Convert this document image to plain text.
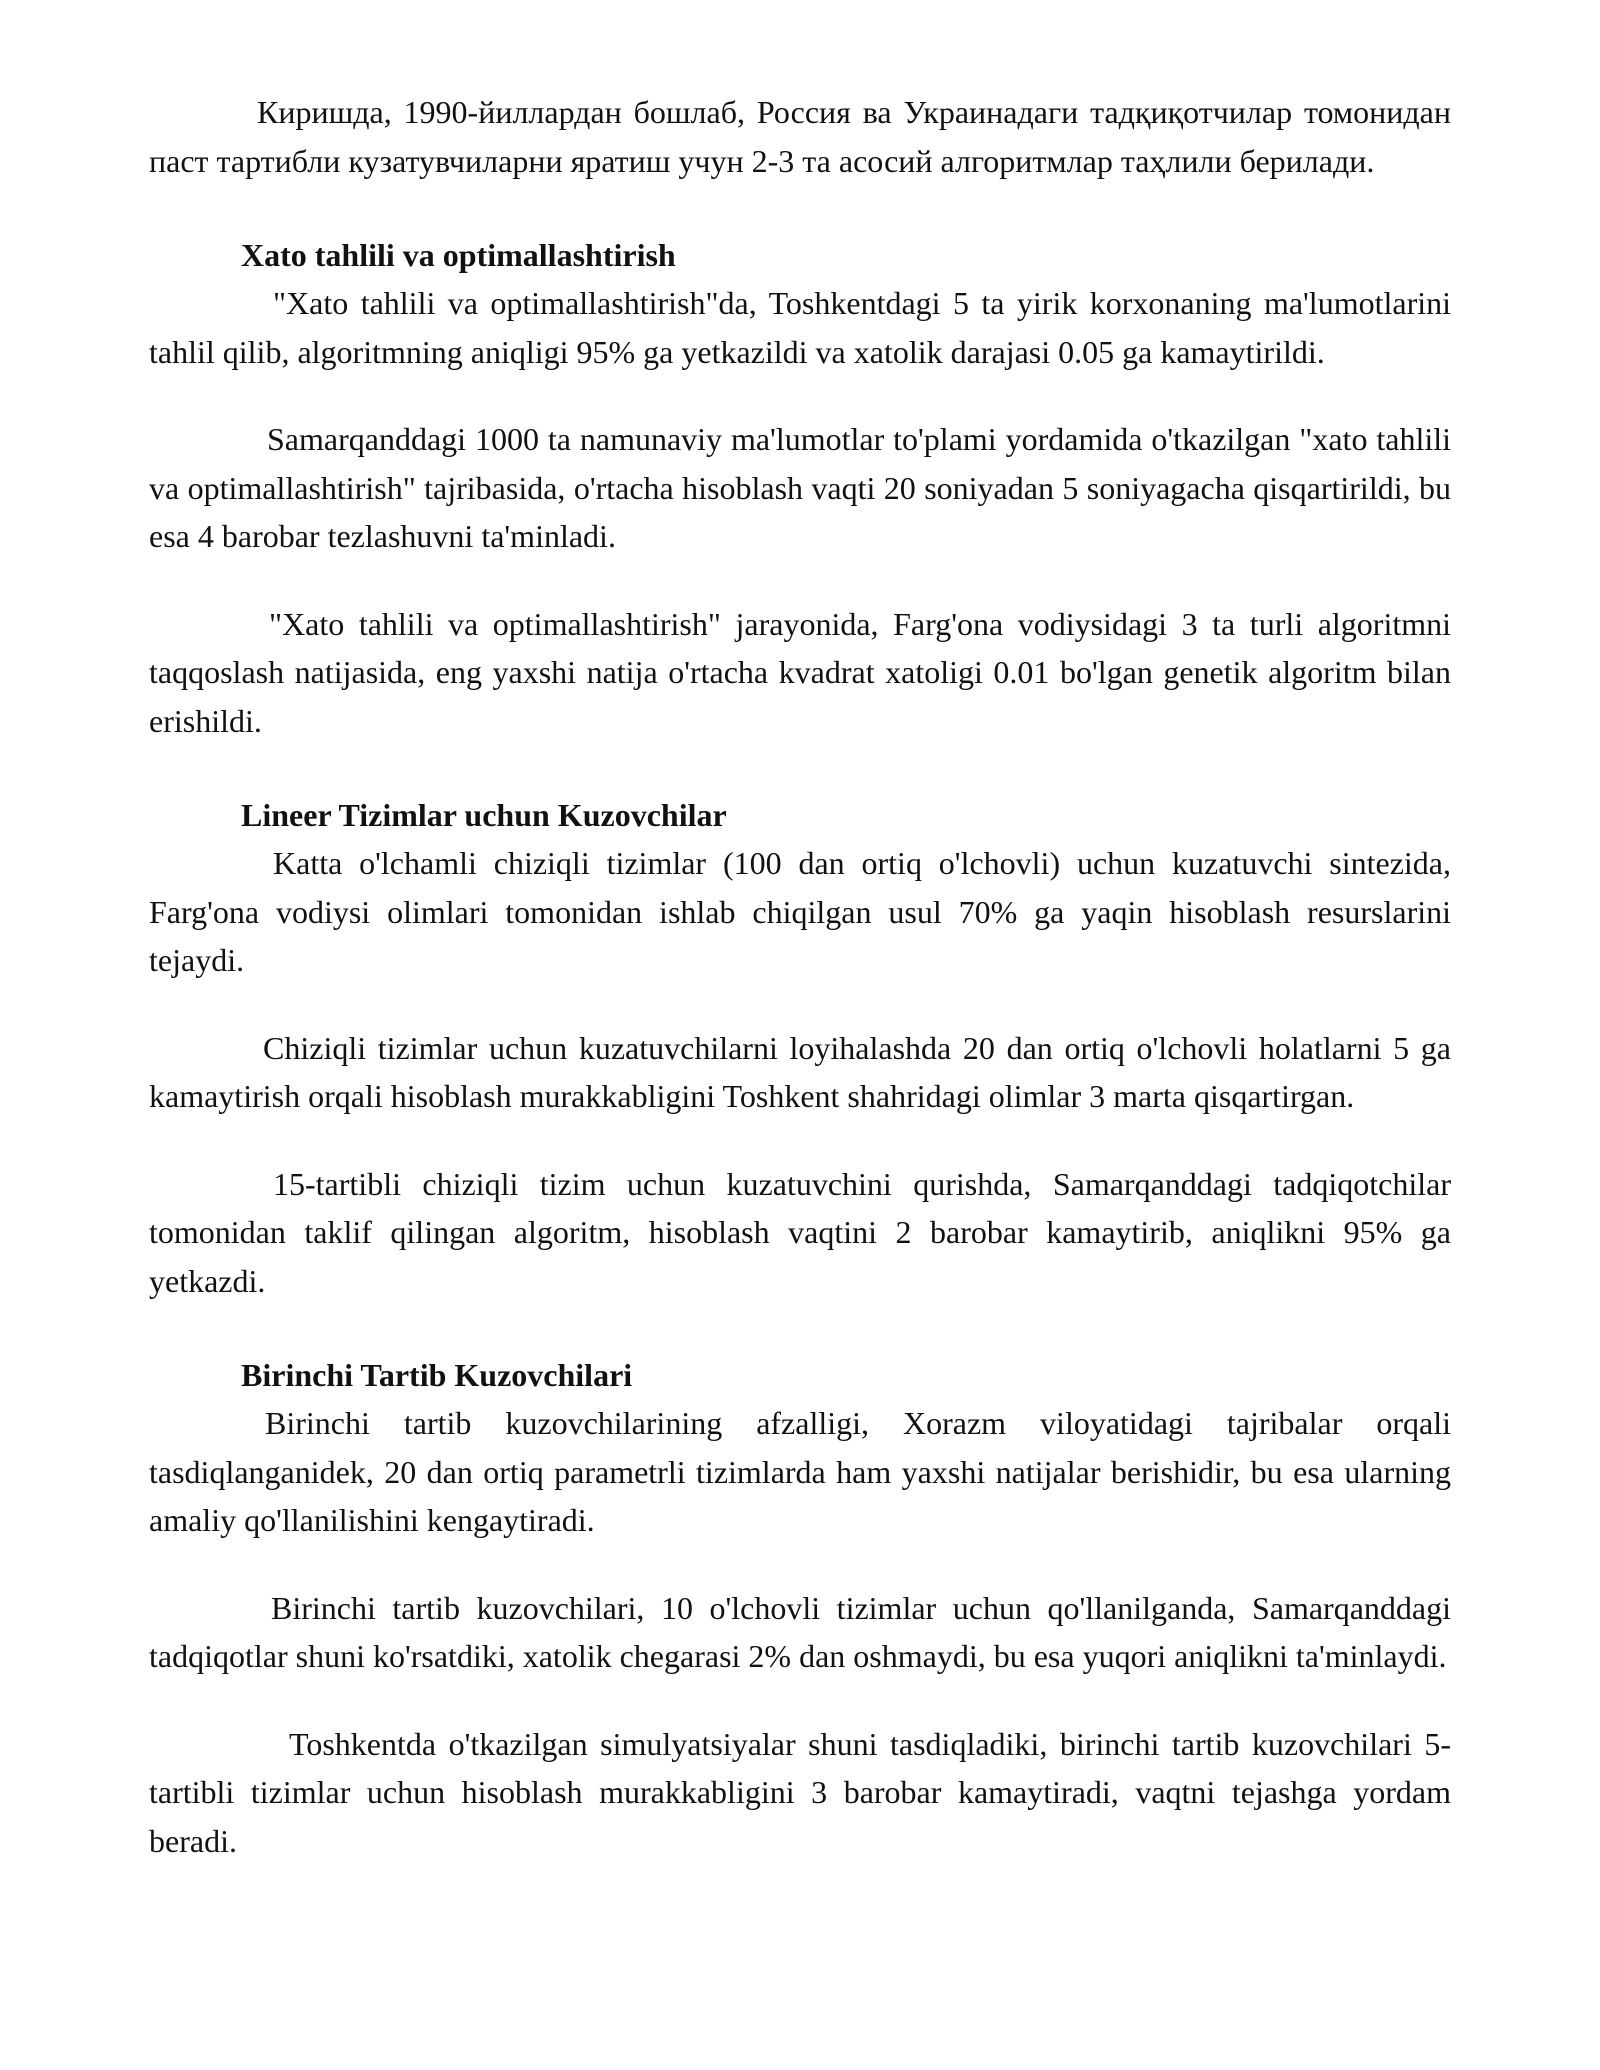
Киришда, 1990-йиллардан бошлаб, Россия ва Украинадаги тадқиқотчилар томонидан паст тартибли кузатувчиларни яратиш учун 2-3 та асосий алгоритмлар таҳлили берилади.

Xato tahlili va optimallashtirish

"Xato tahlili va optimallashtirish"da, Toshkentdagi 5 ta yirik korxonaning ma'lumotlarini tahlil qilib, algoritmning aniqligi 95% ga yetkazildi va xatolik darajasi 0.05 ga kamaytirildi.

Samarqanddagi 1000 ta namunaviy ma'lumotlar to'plami yordamida o'tkazilgan "xato tahlili va optimallashtirish" tajribasida, o'rtacha hisoblash vaqti 20 soniyadan 5 soniyagacha qisqartirildi, bu esa 4 barobar tezlashuvni ta'minladi.

"Xato tahlili va optimallashtirish" jarayonida, Farg'ona vodiysidagi 3 ta turli algoritmni taqqoslash natijasida, eng yaxshi natija o'rtacha kvadrat xatoligi 0.01 bo'lgan genetik algoritm bilan erishildi.

Lineer Tizimlar uchun Kuzovchilar

Katta o'lchamli chiziqli tizimlar (100 dan ortiq o'lchovli) uchun kuzatuvchi sintezida, Farg'ona vodiysi olimlari tomonidan ishlab chiqilgan usul 70% ga yaqin hisoblash resurslarini tejaydi.

Chiziqli tizimlar uchun kuzatuvchilarni loyihalashda 20 dan ortiq o'lchovli holatlarni 5 ga kamaytirish orqali hisoblash murakkabligini Toshkent shahridagi olimlar 3 marta qisqartirgan.

15-tartibli chiziqli tizim uchun kuzatuvchini qurishda, Samarqanddagi tadqiqotchilar tomonidan taklif qilingan algoritm, hisoblash vaqtini 2 barobar kamaytirib, aniqlikni 95% ga yetkazdi.

Birinchi Tartib Kuzovchilari

Birinchi tartib kuzovchilarining afzalligi, Xorazm viloyatidagi tajribalar orqali tasdiqlanganidek, 20 dan ortiq parametrli tizimlarda ham yaxshi natijalar berishidir, bu esa ularning amaliy qo'llanilishini kengaytiradi.

Birinchi tartib kuzovchilari, 10 o'lchovli tizimlar uchun qo'llanilganda, Samarqanddagi tadqiqotlar shuni ko'rsatdiki, xatolik chegarasi 2% dan oshmaydi, bu esa yuqori aniqlikni ta'minlaydi.

Toshkentda o'tkazilgan simulyatsiyalar shuni tasdiqladiki, birinchi tartib kuzovchilari 5-tartibli tizimlar uchun hisoblash murakkabligini 3 barobar kamaytiradi, vaqtni tejashga yordam beradi.
